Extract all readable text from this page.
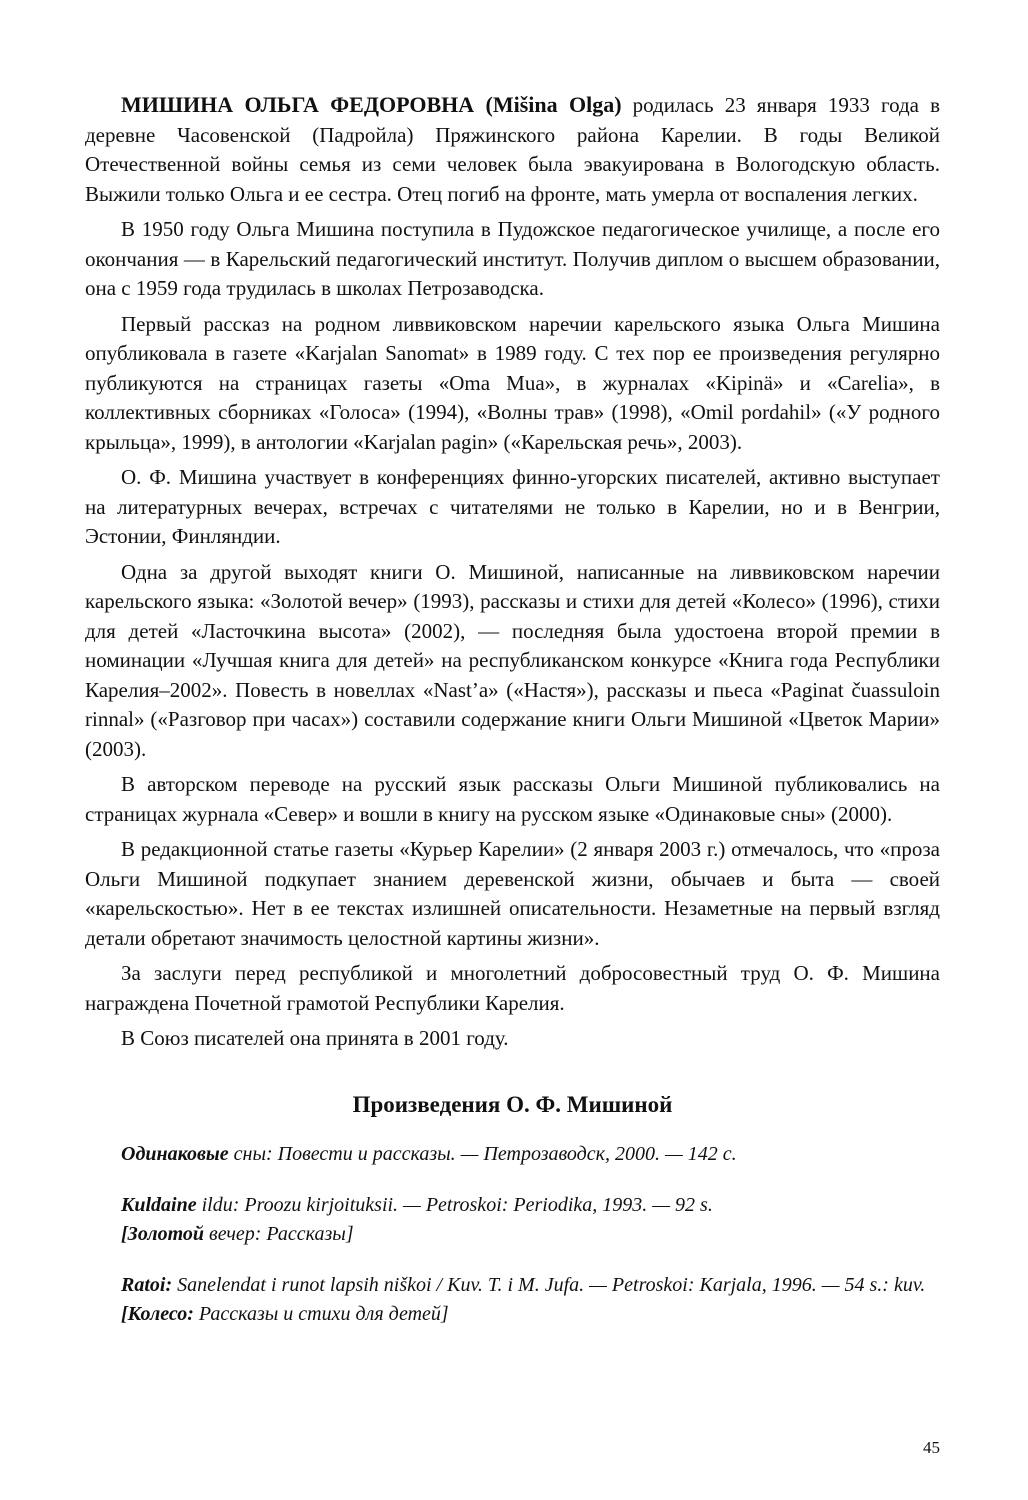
МИШИНА ОЛЬГА ФЕДОРОВНА (Mišina Olga) родилась 23 января 1933 года в деревне Часовенской (Падройла) Пряжинского района Карелии. В годы Великой Отечественной войны семья из семи человек была эвакуирована в Вологодскую область. Выжили только Ольга и ее сестра. Отец погиб на фронте, мать умерла от воспаления легких.

В 1950 году Ольга Мишина поступила в Пудожское педагогическое училище, а после его окончания — в Карельский педагогический институт. Получив диплом о высшем образовании, она с 1959 года трудилась в школах Петрозаводска.

Первый рассказ на родном ливвиковском наречии карельского языка Ольга Мишина опубликовала в газете «Karjalan Sanomat» в 1989 году. С тех пор ее произведения регулярно публикуются на страницах газеты «Oma Mua», в журналах «Kipinä» и «Carelia», в коллективных сборниках «Голоса» (1994), «Волны трав» (1998), «Omil pordahil» («У родного крыльца», 1999), в антологии «Karjalan pagin» («Карельская речь», 2003).

О. Ф. Мишина участвует в конференциях финно-угорских писателей, активно выступает на литературных вечерах, встречах с читателями не только в Карелии, но и в Венгрии, Эстонии, Финляндии.

Одна за другой выходят книги О. Мишиной, написанные на ливвиковском наречии карельского языка: «Золотой вечер» (1993), рассказы и стихи для детей «Колесо» (1996), стихи для детей «Ласточкина высота» (2002), — последняя была удостоена второй премии в номинации «Лучшая книга для детей» на республиканском конкурсе «Книга года Республики Карелия–2002». Повесть в новеллах «Nast’a» («Настя»), рассказы и пьеса «Paginat čuassuloin rinnal» («Разговор при часах») составили содержание книги Ольги Мишиной «Цветок Марии» (2003).

В авторском переводе на русский язык рассказы Ольги Мишиной публиковались на страницах журнала «Север» и вошли в книгу на русском языке «Одинаковые сны» (2000).

В редакционной статье газеты «Курьер Карелии» (2 января 2003 г.) отмечалось, что «проза Ольги Мишиной подкупает знанием деревенской жизни, обычаев и быта — своей «карельскостью». Нет в ее текстах излишней описательности. Незаметные на первый взгляд детали обретают значимость целостной картины жизни».

За заслуги перед республикой и многолетний добросовестный труд О. Ф. Мишина награждена Почетной грамотой Республики Карелия.

В Союз писателей она принята в 2001 году.

Произведения О. Ф. Мишиной
Одинаковые сны: Повести и рассказы. — Петрозаводск, 2000. — 142 с.
Kuldaine ildu: Proozu kirjoituksii. — Petroskoi: Periodika, 1993. — 92 s.
[Золотой вечер: Рассказы]
Ratoi: Sanelendat i runot lapsih niškoi / Kuv. T. i M. Jufa. — Petroskoi: Karjala, 1996. — 54 s.: kuv.
[Колесо: Рассказы и стихи для детей]
45
